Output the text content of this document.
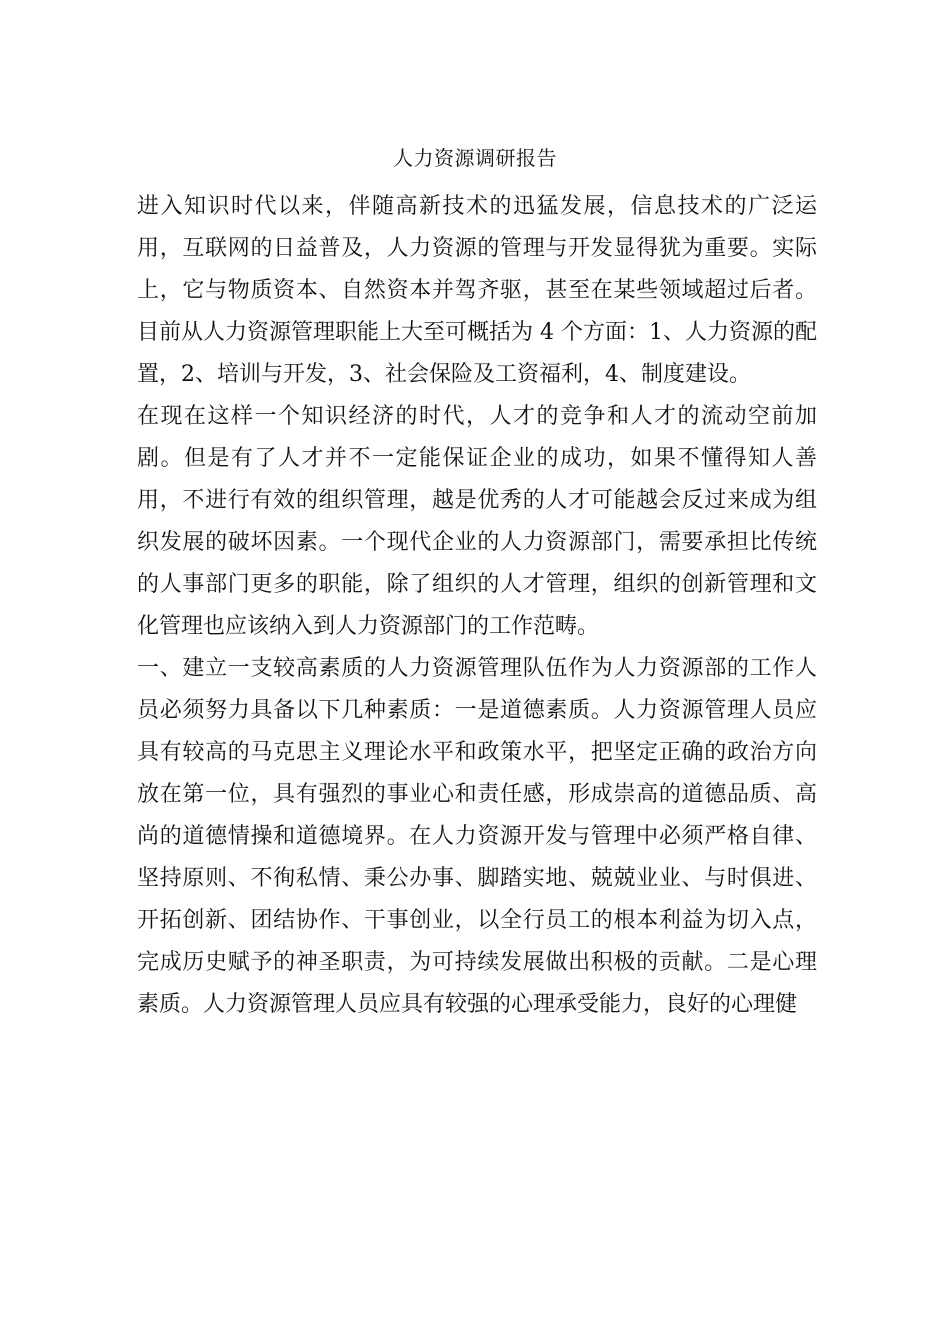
人力资源调研报告

进入知识时代以来，伴随高新技术的迅猛发展，信息技术的广泛运用，互联网的日益普及，人力资源的管理与开发显得犹为重要。实际上，它与物质资本、自然资本并驾齐驱，甚至在某些领域超过后者。目前从人力资源管理职能上大至可概括为 4 个方面：1、人力资源的配置，2、培训与开发，3、社会保险及工资福利，4、制度建设。

在现在这样一个知识经济的时代，人才的竞争和人才的流动空前加剧。但是有了人才并不一定能保证企业的成功，如果不懂得知人善用，不进行有效的组织管理，越是优秀的人才可能越会反过来成为组织发展的破坏因素。一个现代企业的人力资源部门，需要承担比传统的人事部门更多的职能，除了组织的人才管理，组织的创新管理和文化管理也应该纳入到人力资源部门的工作范畴。

一、建立一支较高素质的人力资源管理队伍作为人力资源部的工作人员必须努力具备以下几种素质：一是道德素质。人力资源管理人员应具有较高的马克思主义理论水平和政策水平，把坚定正确的政治方向放在第一位，具有强烈的事业心和责任感，形成崇高的道德品质、高尚的道德情操和道德境界。在人力资源开发与管理中必须严格自律、坚持原则、不徇私情、秉公办事、脚踏实地、兢兢业业、与时俱进、开拓创新、团结协作、干事创业，以全行员工的根本利益为切入点，完成历史赋予的神圣职责，为可持续发展做出积极的贡献。二是心理素质。人力资源管理人员应具有较强的心理承受能力，良好的心理健
